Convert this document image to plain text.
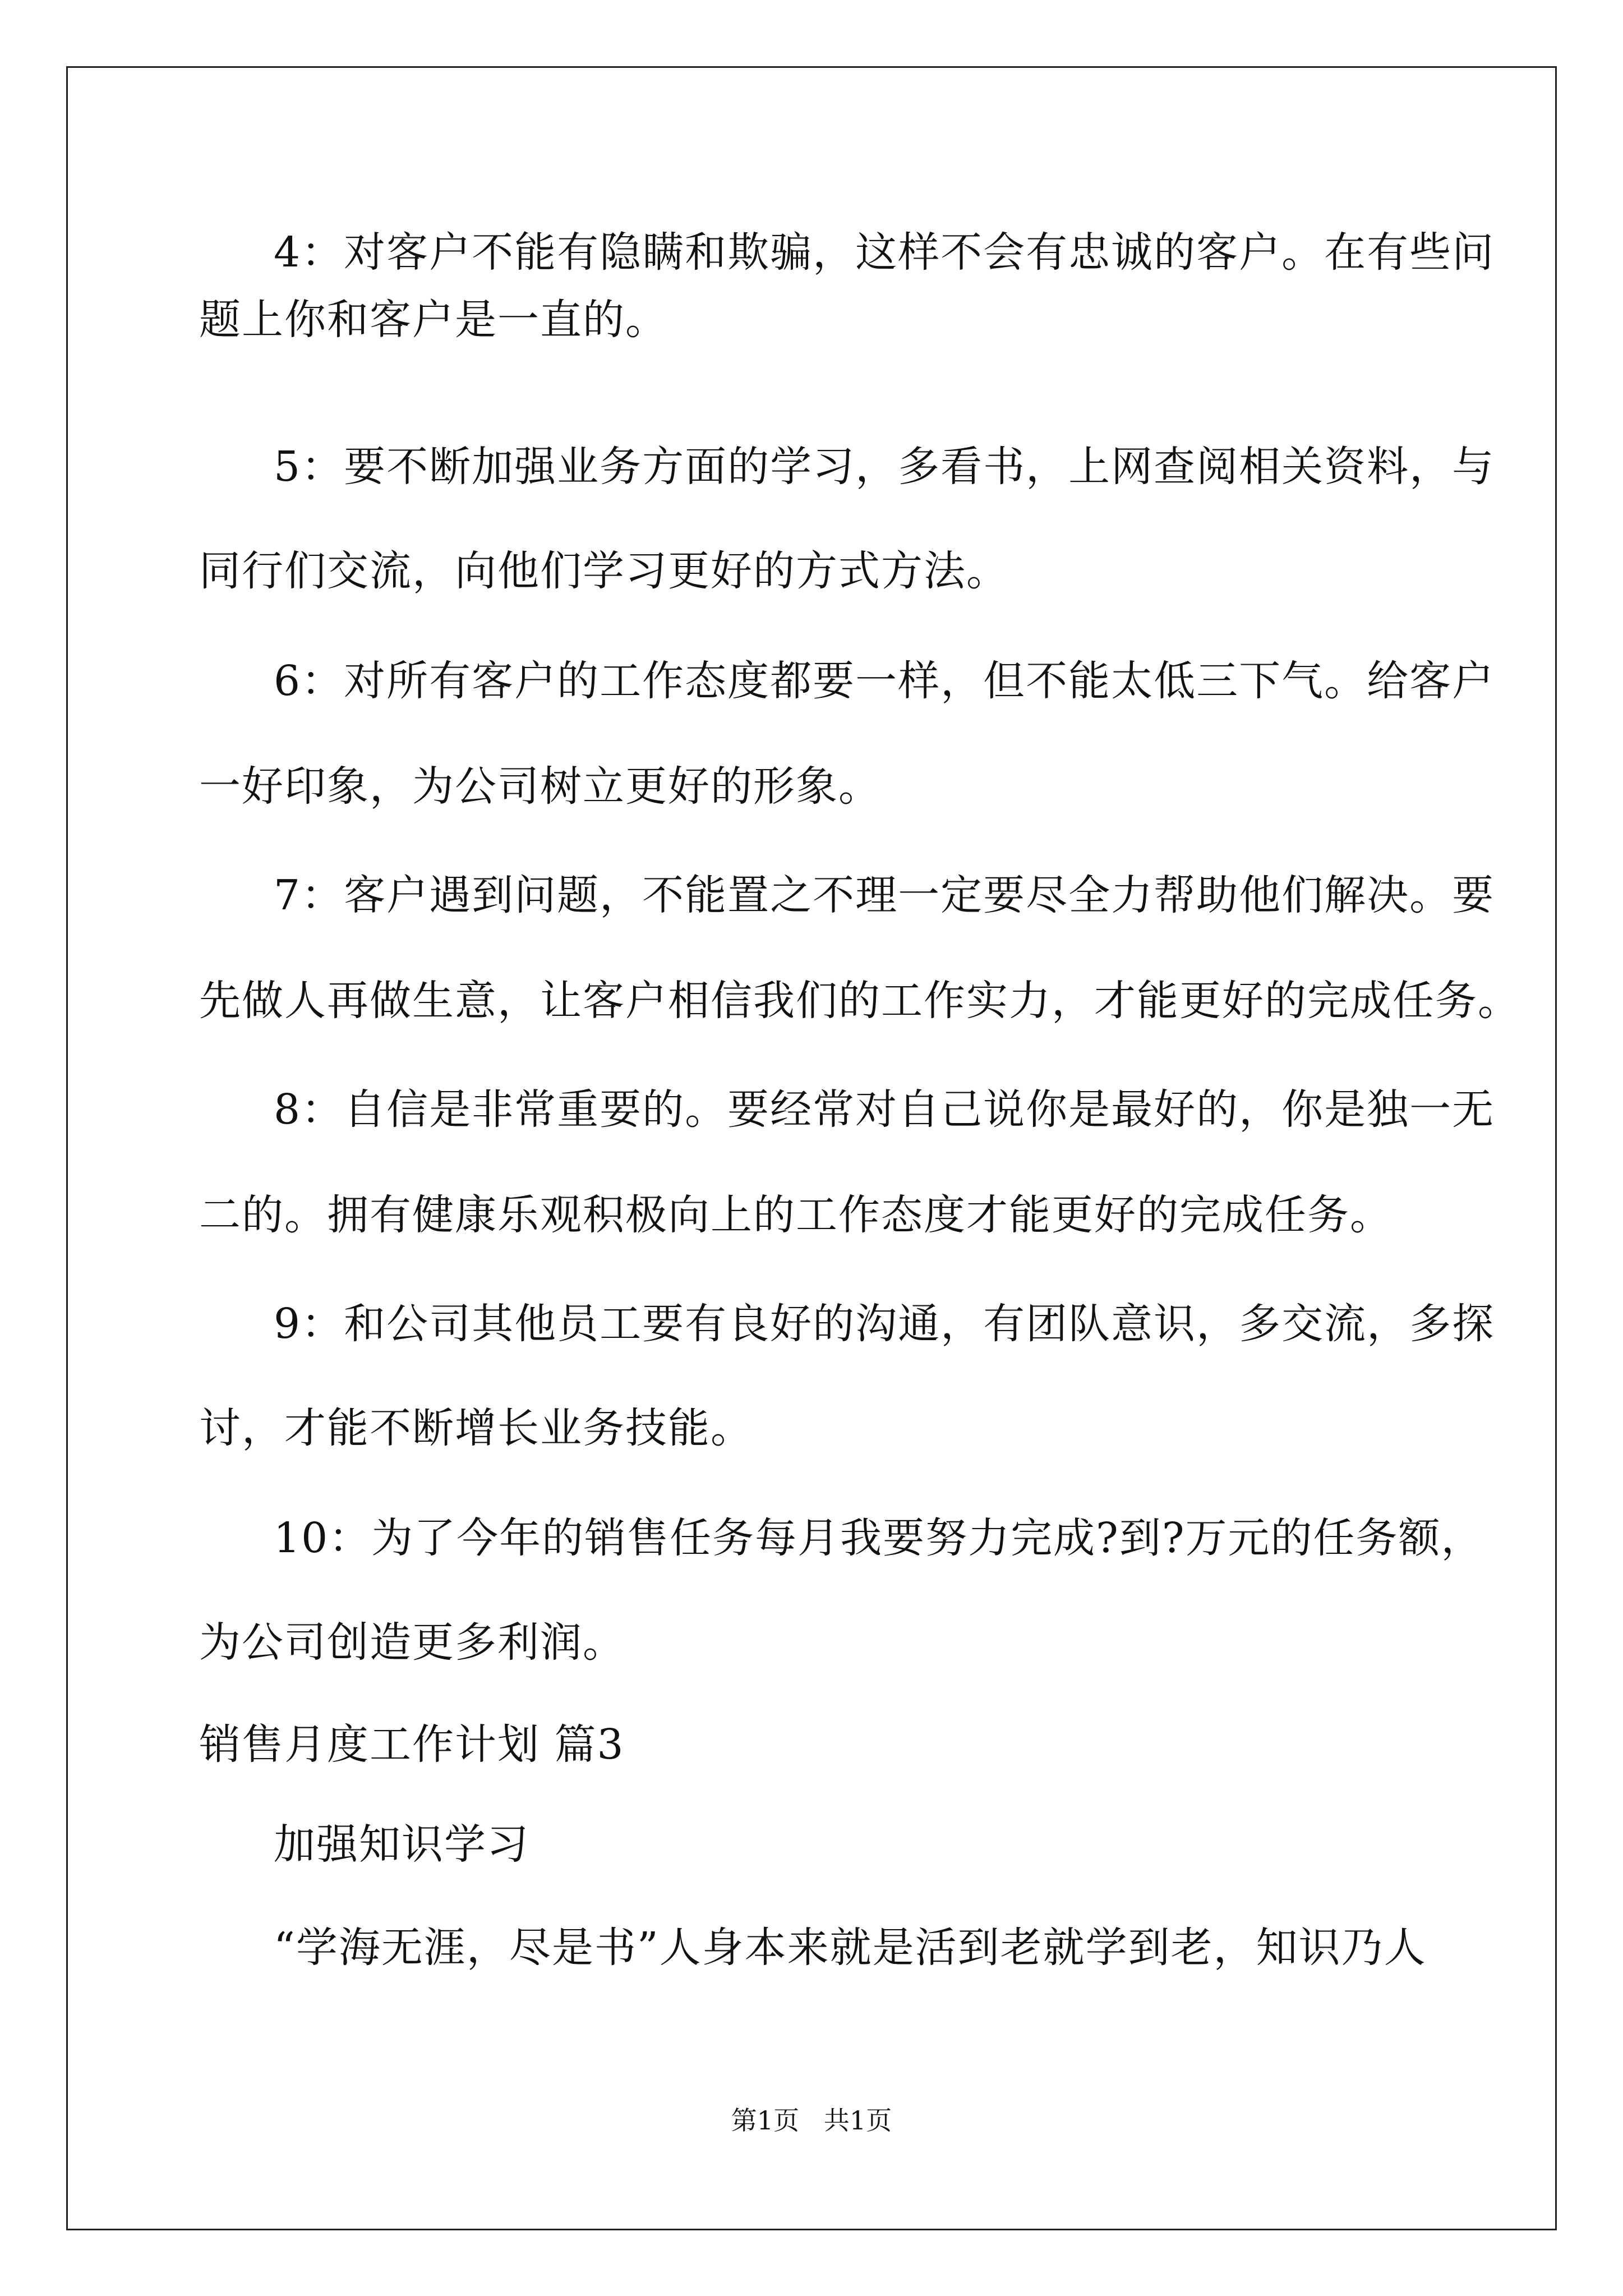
4：对客户不能有隐瞒和欺骗，这样不会有忠诚的客户。在有些问
题上你和客户是一直的。
5：要不断加强业务方面的学习，多看书，上网查阅相关资料，与
同行们交流，向他们学习更好的方式方法。
6：对所有客户的工作态度都要一样，但不能太低三下气。给客户
一好印象，为公司树立更好的形象。
7：客户遇到问题，不能置之不理一定要尽全力帮助他们解决。要
先做人再做生意，让客户相信我们的工作实力，才能更好的完成任务。
8：自信是非常重要的。要经常对自己说你是最好的，你是独一无
二的。拥有健康乐观积极向上的工作态度才能更好的完成任务。
9：和公司其他员工要有良好的沟通，有团队意识，多交流，多探
讨，才能不断增长业务技能。
10：为了今年的销售任务每月我要努力完成?到?万元的任务额，
为公司创造更多利润。
销售月度工作计划 篇3
加强知识学习
“学海无涯，尽是书”人身本来就是活到老就学到老，知识乃人
第1页   共1页
